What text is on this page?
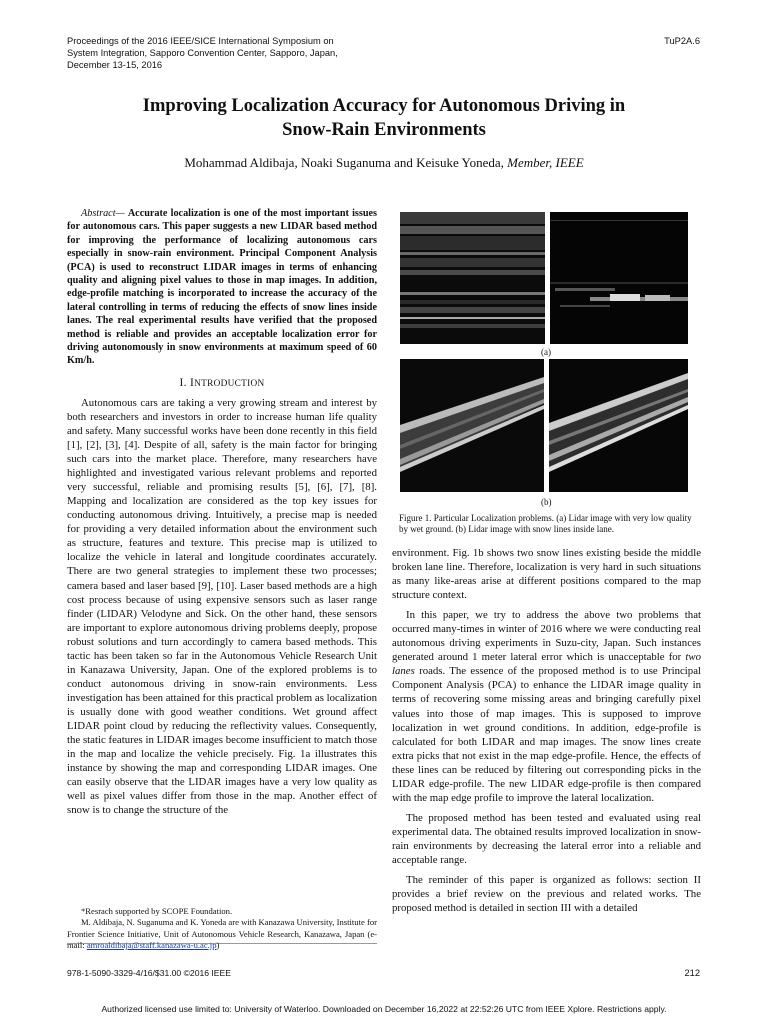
Proceedings of the 2016 IEEE/SICE International Symposium on
System Integration, Sapporo Convention Center, Sapporo, Japan,
December 13-15, 2016
TuP2A.6
Improving Localization Accuracy for Autonomous Driving in
Snow-Rain Environments
Mohammad Aldibaja, Noaki Suganuma and Keisuke Yoneda, Member, IEEE

Abstract— Accurate localization is one of the most important issues for autonomous cars. This paper suggests a new LIDAR based method for improving the performance of localizing autonomous cars especially in snow-rain environment. Principal Component Analysis (PCA) is used to reconstruct LIDAR images in terms of enhancing quality and aligning pixel values to those in map images. In addition, edge-profile matching is incorporated to increase the accuracy of the lateral controlling in terms of reducing the effects of snow lines inside lanes. The real experimental results have verified that the proposed method is reliable and provides an acceptable localization error for driving autonomously in snow environments at maximum speed of 60 Km/h.

I. INTRODUCTION

Autonomous cars are taking a very growing stream and interest by both researchers and investors in order to increase human life quality and safety. Many successful works have been done recently in this field [1], [2], [3], [4]. Despite of all, safety is the main factor for bringing such cars into the market place. Therefore, many researchers have highlighted and investigated various relevant problems and reported very successful, reliable and promising results [5], [6], [7], [8]. Mapping and localization are considered as the top key issues for conducting autonomous driving. Intuitively, a precise map is needed for providing a very detailed information about the environment such as structure, features and texture. This precise map is utilized to localize the vehicle in lateral and longitude coordinates accurately. There are two general strategies to implement these two processes; camera based and laser based [9], [10]. Laser based methods are a high cost process because of using expensive sensors such as laser range finder (LIDAR) Velodyne and Sick. On the other hand, these sensors are important to explore autonomous driving problems deeply, propose robust solutions and turn accordingly to camera based methods. This tactic has been taken so far in the Autonomous Vehicle Research Unit in Kanazawa University, Japan. One of the explored problems is to conduct autonomous driving in snow-rain environments. Less investigation has been attained for this practical problem as localization is usually done with good weather conditions. Wet ground affect LIDAR point cloud by reducing the reflectivity values. Consequently, the static features in LIDAR images become insufficient to match those in the map and localize the vehicle precisely. Fig. 1a illustrates this instance by showing the map and corresponding LIDAR images. One can easily observe that the LIDAR images have a very low quality as well as pixel values differ from those in the map. Another effect of snow is to change the structure of the

*Resrach supported by SCOPE Foundation.

M. Aldibaja, N. Suganuma and K. Yoneda are with Kanazawa University, Institute for Frontier Science Initiative, Unit of Autonomous Vehicle Research, Kanazawa, Japan (e-mail: amroaldibaja@staff.kanazawa-u.ac.jp)

978-1-5090-3329-4/16/$31.00 ©2016 IEEE	212
Authorized licensed use limited to: University of Waterloo. Downloaded on December 16,2022 at 22:52:26 UTC from IEEE Xplore. Restrictions apply.
(a)
(b)
Figure 1. Particular Localization problems. (a) Lidar image with very low quality by wet ground. (b) Lidar image with snow lines inside lane.

environment. Fig. 1b shows two snow lines existing beside the middle broken lane line. Therefore, localization is very hard in such situations as many like-areas arise at different positions compared to the map structure context.

In this paper, we try to address the above two problems that occurred many-times in winter of 2016 where we were conducting real autonomous driving experiments in Suzu-city, Japan. Such instances generated around 1 meter lateral error which is unacceptable for two lanes roads. The essence of the proposed method is to use Principal Component Analysis (PCA) to enhance the LIDAR image quality in terms of recovering some missing areas and bringing carefully pixel values into those of map images. This is supposed to improve localization in wet ground conditions. In addition, edge-profile is calculated for both LIDAR and map images. The snow lines create extra picks that not exist in the map edge-profile. Hence, the effects of these lines can be reduced by filtering out corresponding picks in the LIDAR edge-profile. The new LIDAR edge-profile is then compared with the map edge profile to improve the lateral localization.

The proposed method has been tested and evaluated using real experimental data. The obtained results improved localization in snow-rain environments by decreasing the lateral error into a reliable and acceptable range.

The reminder of this paper is organized as follows: section II provides a brief review on the previous and related works. The proposed method is detailed in section III with a detailed
